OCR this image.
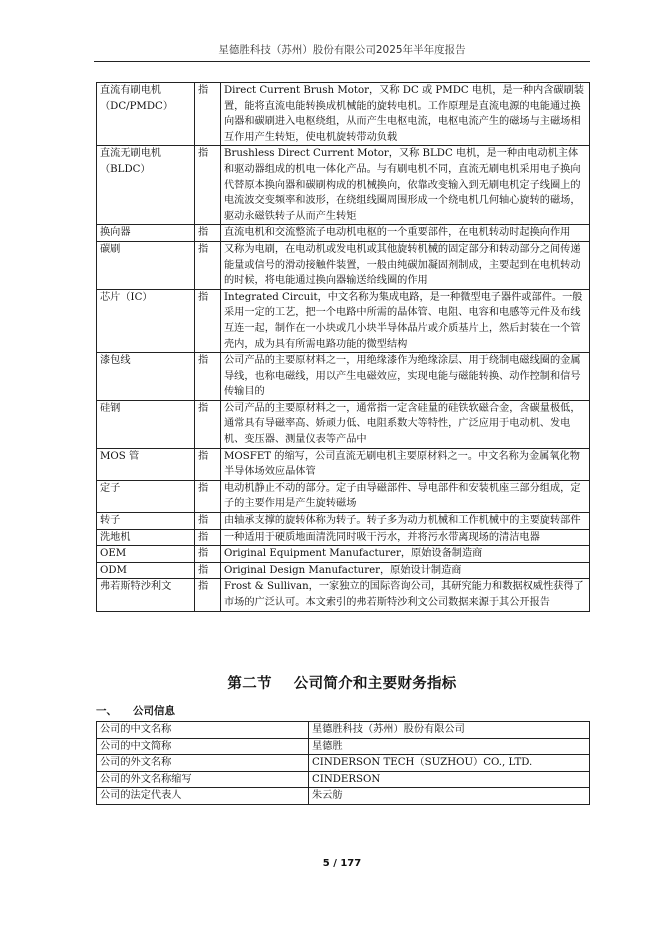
星德胜科技（苏州）股份有限公司2025年半年度报告
直流有刷电机
（DC/PMDC）	指	Direct Current Brush Motor，又称 DC 或 PMDC 电机，是一种内含碳刷装置，能将直流电能转换成机械能的旋转电机。工作原理是直流电源的电能通过换向器和碳刷进入电枢绕组，从而产生电枢电流，电枢电流产生的磁场与主磁场相互作用产生转矩，使电机旋转带动负载

直流无刷电机
（BLDC）	指	Brushless Direct Current Motor，又称 BLDC 电机，是一种由电动机主体和驱动器组成的机电一体化产品。与有刷电机不同，直流无刷电机采用电子换向代替原本换向器和碳刷构成的机械换向，依靠改变输入到无刷电机定子线圈上的电流波交变频率和波形，在绕组线圈周围形成一个绕电机几何轴心旋转的磁场，驱动永磁铁转子从而产生转矩

换向器	指	直流电机和交流整流子电动机电枢的一个重要部件，在电机转动时起换向作用

碳刷	指	又称为电刷，在电动机或发电机或其他旋转机械的固定部分和转动部分之间传递能量或信号的滑动接触件装置，一般由纯碳加凝固剂制成，主要起到在电机转动的时候，将电能通过换向器输送给线圈的作用

芯片（IC）	指	Integrated Circuit，中文名称为集成电路，是一种微型电子器件或部件。一般采用一定的工艺，把一个电路中所需的晶体管、电阻、电容和电感等元件及布线互连一起，制作在一小块或几小块半导体晶片或介质基片上，然后封装在一个管壳内，成为具有所需电路功能的微型结构

漆包线	指	公司产品的主要原材料之一，用绝缘漆作为绝缘涂层、用于绕制电磁线圈的金属导线，也称电磁线，用以产生电磁效应，实现电能与磁能转换、动作控制和信号传输目的

硅钢	指	公司产品的主要原材料之一，通常指一定含硅量的硅铁软磁合金，含碳量极低，通常具有导磁率高、娇顽力低、电阻系数大等特性，广泛应用于电动机、发电机、变压器、测量仪表等产品中

MOS 管	指	MOSFET 的缩写，公司直流无刷电机主要原材料之一。中文名称为金属氧化物半导体场效应晶体管

定子	指	电动机静止不动的部分。定子由导磁部件、导电部件和安装机座三部分组成，定子的主要作用是产生旋转磁场

转子	指	由轴承支撑的旋转体称为转子。转子多为动力机械和工作机械中的主要旋转部件

洗地机	指	一种适用于硬质地面清洗同时吸干污水，并将污水带离现场的清洁电器

OEM	指	Original Equipment Manufacturer，原始设备制造商

ODM	指	Original Design Manufacturer，原始设计制造商

弗若斯特沙利文	指	Frost & Sullivan，一家独立的国际咨询公司，其研究能力和数据权威性获得了市场的广泛认可。本文索引的弗若斯特沙利文公司数据来源于其公开报告
第二节 公司简介和主要财务指标
一、 公司信息
公司的中文名称	星德胜科技（苏州）股份有限公司
公司的中文简称	星德胜
公司的外文名称	CINDERSON TECH（SUZHOU）CO., LTD.
公司的外文名称缩写	CINDERSON
公司的法定代表人	朱云舫
5 / 177
